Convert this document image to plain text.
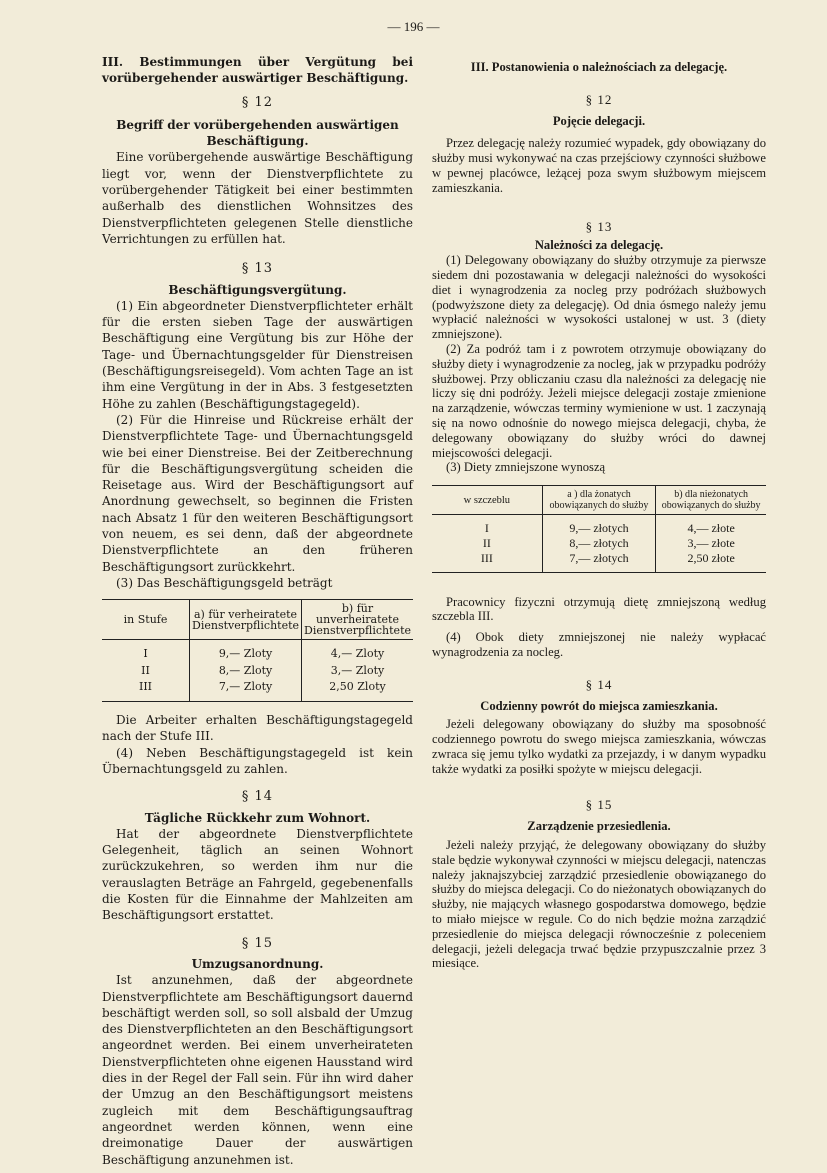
— 196 —

III. Bestimmungen über Vergütung bei vorübergehender auswärtiger Beschäftigung.

§ 12

Begriff der vorübergehenden auswärtigen Beschäftigung.

Eine vorübergehende auswärtige Beschäftigung liegt vor, wenn der Dienstverpflichtete zu vorübergehender Tätigkeit bei einer bestimmten außerhalb des dienstlichen Wohnsitzes des Dienstverpflichteten gelegenen Stelle dienstliche Verrichtungen zu erfüllen hat.

§ 13

Beschäftigungsvergütung.

(1) Ein abgeordneter Dienstverpflichteter erhält für die ersten sieben Tage der auswärtigen Beschäftigung eine Vergütung bis zur Höhe der Tage- und Übernachtungsgelder für Dienstreisen (Beschäftigungsreisegeld). Vom achten Tage an ist ihm eine Vergütung in der in Abs. 3 festgesetzten Höhe zu zahlen (Beschäftigungstagegeld).

(2) Für die Hinreise und Rückreise erhält der Dienstverpflichtete Tage- und Übernachtungsgeld wie bei einer Dienstreise. Bei der Zeitberechnung für die Beschäftigungsvergütung scheiden die Reisetage aus. Wird der Beschäftigungsort auf Anordnung gewechselt, so beginnen die Fristen nach Absatz 1 für den weiteren Beschäftigungsort von neuem, es sei denn, daß der abgeordnete Dienstverpflichtete an den früheren Beschäftigungsort zurückkehrt.

(3) Das Beschäftigungsgeld beträgt

in Stufe	a) für verheiratete Dienstverpflichtete	b) für unverheiratete Dienstverpflichtete
I	9,— Zloty	4,— Zloty
II	8,— Zloty	3,— Zloty
III	7,— Zloty	2,50 Zloty

Die Arbeiter erhalten Beschäftigungstagegeld nach der Stufe III.

(4) Neben Beschäftigungstagegeld ist kein Übernachtungsgeld zu zahlen.

§ 14

Tägliche Rückkehr zum Wohnort.

Hat der abgeordnete Dienstverpflichtete Gelegenheit, täglich an seinen Wohnort zurückzukehren, so werden ihm nur die verauslagten Beträge an Fahrgeld, gegebenenfalls die Kosten für die Einnahme der Mahlzeiten am Beschäftigungsort erstattet.

§ 15

Umzugsanordnung.

Ist anzunehmen, daß der abgeordnete Dienstverpflichtete am Beschäftigungsort dauernd beschäftigt werden soll, so soll alsbald der Umzug des Dienstverpflichteten an den Beschäftigungsort angeordnet werden. Bei einem unverheirateten Dienstverpflichteten ohne eigenen Hausstand wird dies in der Regel der Fall sein. Für ihn wird daher der Umzug an den Beschäftigungsort meistens zugleich mit dem Beschäftigungsauftrag angeordnet werden können, wenn eine dreimonatige Dauer der auswärtigen Beschäftigung anzunehmen ist.

III. Postanowienia o należnościach za delegację.

§ 12

Pojęcie delegacji.

Przez delegację należy rozumieć wypadek, gdy obowiązany do służby musi wykonywać na czas przejściowy czynności służbowe w pewnej placówce, leżącej poza swym służbowym miejscem zamieszkania.

§ 13

Należności za delegację.

(1) Delegowany obowiązany do służby otrzymuje za pierwsze siedem dni pozostawania w delegacji należności do wysokości diet i wynagrodzenia za nocleg przy podróżach służbowych (podwyższone diety za delegację). Od dnia ósmego należy jemu wypłacić należności w wysokości ustalonej w ust. 3 (diety zmniejszone).

(2) Za podróż tam i z powrotem otrzymuje obowiązany do służby diety i wynagrodzenie za nocleg, jak w przypadku podróży służbowej. Przy obliczaniu czasu dla należności za delegację nie liczy się dni podróży. Jeżeli miejsce delegacji zostaje zmienione na zarządzenie, wówczas terminy wymienione w ust. 1 zaczynają się na nowo odnośnie do nowego miejsca delegacji, chyba, że delegowany obowiązany do służby wróci do dawnej miejscowości delegacji.

(3) Diety zmniejszone wynoszą

w szczeblu	a ) dla żonatych obowiązanych do służby	b) dla nieżonatych obowiązanych do służby
I	9,— złotych	4,— złote
II	8,— złotych	3,— złote
III	7,— złotych	2,50 złote

Pracownicy fizyczni otrzymują dietę zmniejszoną według szczebla III.

(4) Obok diety zmniejszonej nie należy wypłacać wynagrodzenia za nocleg.

§ 14

Codzienny powrót do miejsca zamieszkania.

Jeżeli delegowany obowiązany do służby ma sposobność codziennego powrotu do swego miejsca zamieszkania, wówczas zwraca się jemu tylko wydatki za przejazdy, i w danym wypadku także wydatki za posiłki spożyte w miejscu delegacji.

§ 15

Zarządzenie przesiedlenia.

Jeżeli należy przyjąć, że delegowany obowiązany do służby stale będzie wykonywał czynności w miejscu delegacji, natenczas należy jaknajszybciej zarządzić przesiedlenie obowiązanego do służby do miejsca delegacji. Co do nieżonatych obowiązanych do służby, nie mających własnego gospodarstwa domowego, będzie to miało miejsce w regule. Co do nich będzie można zarządzić przesiedlenie do miejsca delegacji równocześnie z poleceniem delegacji, jeżeli delegacja trwać będzie przypuszczalnie przez 3 miesiące.
